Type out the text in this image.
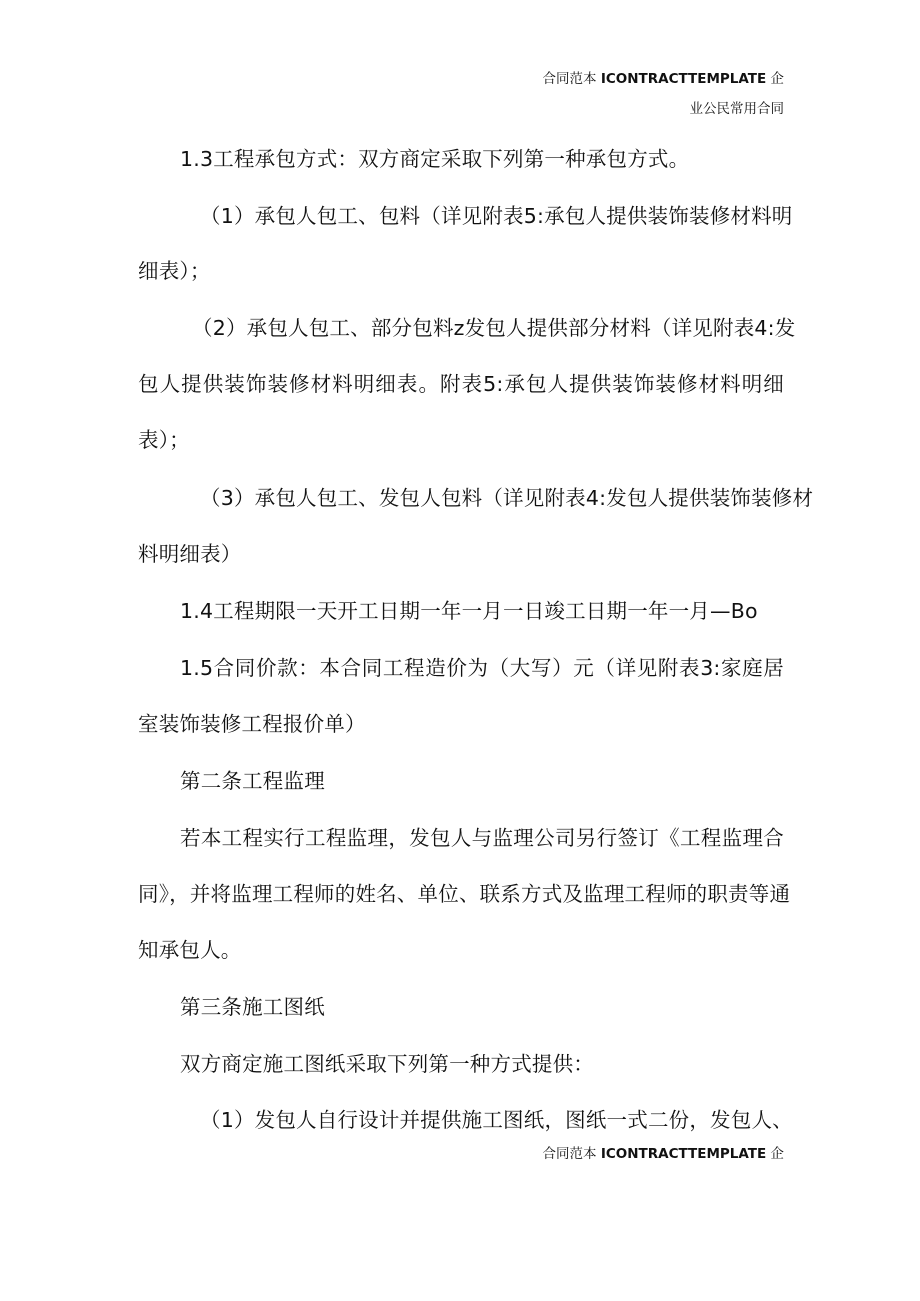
合同范本 ICONTRACTTEMPLATE 企
业公民常用合同
1.3工程承包方式：双方商定采取下列第一种承包方式。
（1）承包人包工、包料（详见附表5:承包人提供装饰装修材料明
细表）；
（2）承包人包工、部分包料z发包人提供部分材料（详见附表4:发
包人提供装饰装修材料明细表。附表5:承包人提供装饰装修材料明细
表）；
（3）承包人包工、发包人包料（详见附表4:发包人提供装饰装修材
料明细表）
1.4工程期限一天开工日期一年一月一日竣工日期一年一月—Bo
1.5合同价款：本合同工程造价为（大写）元（详见附表3:家庭居
室装饰装修工程报价单）
第二条工程监理
若本工程实行工程监理，发包人与监理公司另行签订《工程监理合
同》，并将监理工程师的姓名、单位、联系方式及监理工程师的职责等通
知承包人。
第三条施工图纸
双方商定施工图纸采取下列第一种方式提供：
（1）发包人自行设计并提供施工图纸，图纸一式二份，发包人、
合同范本 ICONTRACTTEMPLATE 企
